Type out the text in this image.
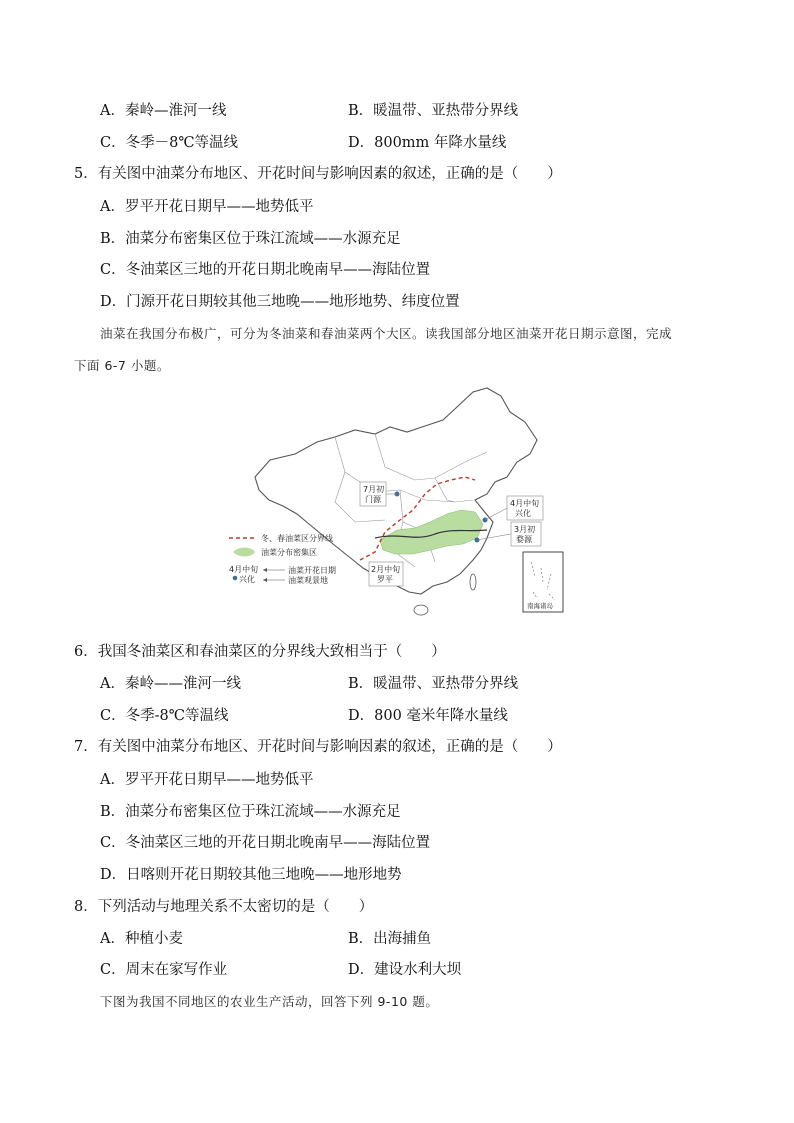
A．秦岭—淮河一线	B．暖温带、亚热带分界线
C．冬季－8℃等温线	D．800mm 年降水量线
5．有关图中油菜分布地区、开花时间与影响因素的叙述，正确的是（　　）
A．罗平开花日期早——地势低平
B．油菜分布密集区位于珠江流域——水源充足
C．冬油菜区三地的开花日期北晚南早——海陆位置
D．门源开花日期较其他三地晚——地形地势、纬度位置
油菜在我国分布极广，可分为冬油菜和春油菜两个大区。读我国部分地区油菜开花日期示意图，完成
下面 6-7 小题。
7月初
门源	4月中旬
兴化
3月初
婺源
2月中旬
罗平
南海诸岛
冬、春油菜区分界线
油菜分布密集区
4月中旬
兴化
油菜开花日期
油菜观景地
6．我国冬油菜区和春油菜区的分界线大致相当于（　　）
A．秦岭——淮河一线	B．暖温带、亚热带分界线
C．冬季-8℃等温线	D．800 毫米年降水量线
7．有关图中油菜分布地区、开花时间与影响因素的叙述，正确的是（　　）
A．罗平开花日期早——地势低平
B．油菜分布密集区位于珠江流域——水源充足
C．冬油菜区三地的开花日期北晚南早——海陆位置
D．日喀则开花日期较其他三地晚——地形地势
8．下列活动与地理关系不太密切的是（　　）
A．种植小麦	B．出海捕鱼
C．周末在家写作业	D．建设水利大坝
下图为我国不同地区的农业生产活动，回答下列 9-10 题。
